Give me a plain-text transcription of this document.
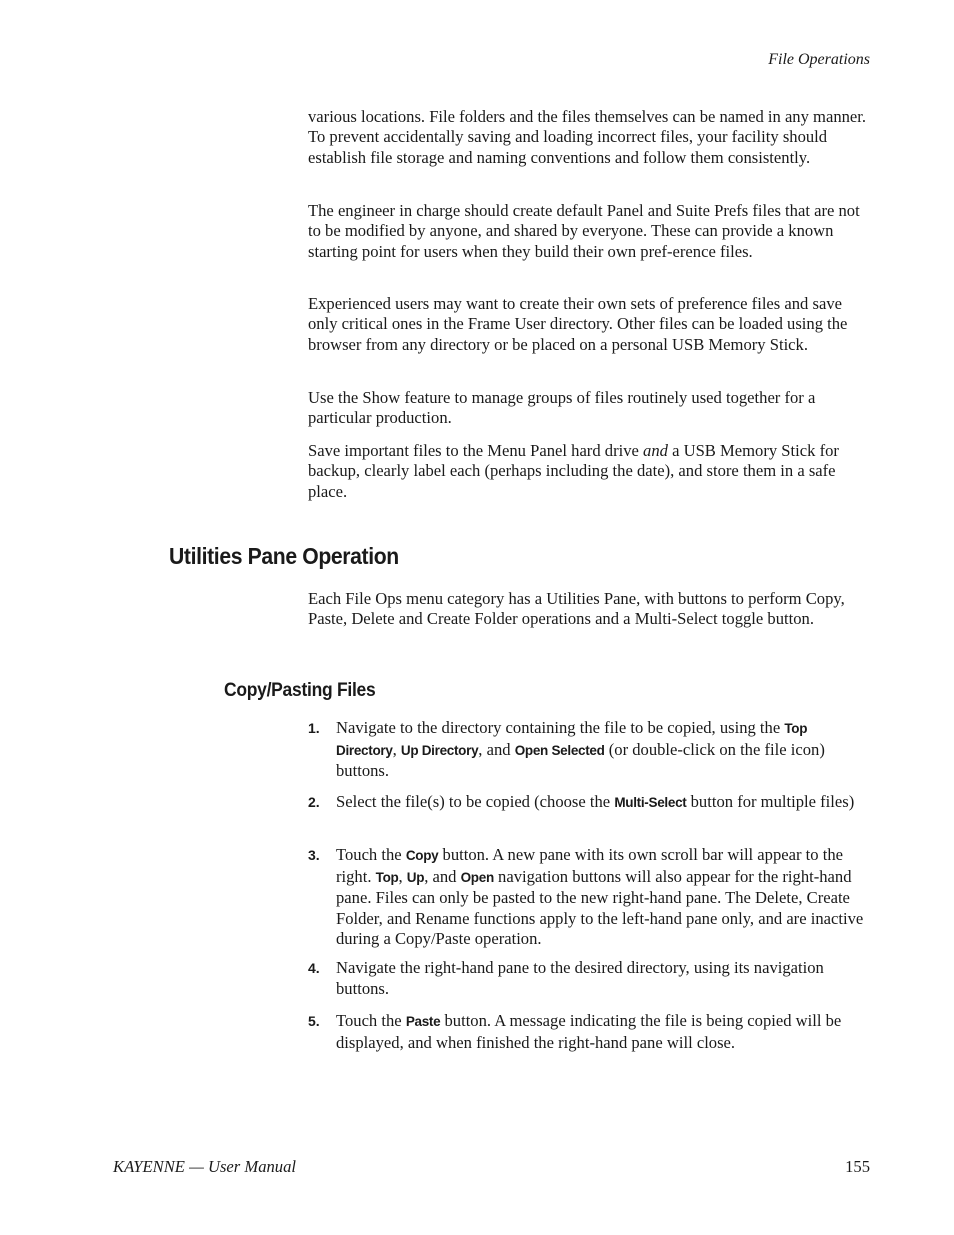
File Operations

various locations. File folders and the files themselves can be named in any manner. To prevent accidentally saving and loading incorrect files, your facility should establish file storage and naming conventions and follow them consistently.

The engineer in charge should create default Panel and Suite Prefs files that are not to be modified by anyone, and shared by everyone. These can provide a known starting point for users when they build their own pref-erence files.

Experienced users may want to create their own sets of preference files and save only critical ones in the Frame User directory. Other files can be loaded using the browser from any directory or be placed on a personal USB Memory Stick.

Use the Show feature to manage groups of files routinely used together for a particular production.

Save important files to the Menu Panel hard drive and a USB Memory Stick for backup, clearly label each (perhaps including the date), and store them in a safe place.

Utilities Pane Operation

Each File Ops menu category has a Utilities Pane, with buttons to perform Copy, Paste, Delete and Create Folder operations and a Multi-Select toggle button.

Copy/Pasting Files
1. Navigate to the directory containing the file to be copied, using the Top Directory, Up Directory, and Open Selected (or double-click on the file icon) buttons.
2. Select the file(s) to be copied (choose the Multi-Select button for multiple files)
3. Touch the Copy button. A new pane with its own scroll bar will appear to the right. Top, Up, and Open navigation buttons will also appear for the right-hand pane. Files can only be pasted to the new right-hand pane. The Delete, Create Folder, and Rename functions apply to the left-hand pane only, and are inactive during a Copy/Paste operation.
4. Navigate the right-hand pane to the desired directory, using its navigation buttons.
5. Touch the Paste button. A message indicating the file is being copied will be displayed, and when finished the right-hand pane will close.
KAYENNE — User Manual	155
